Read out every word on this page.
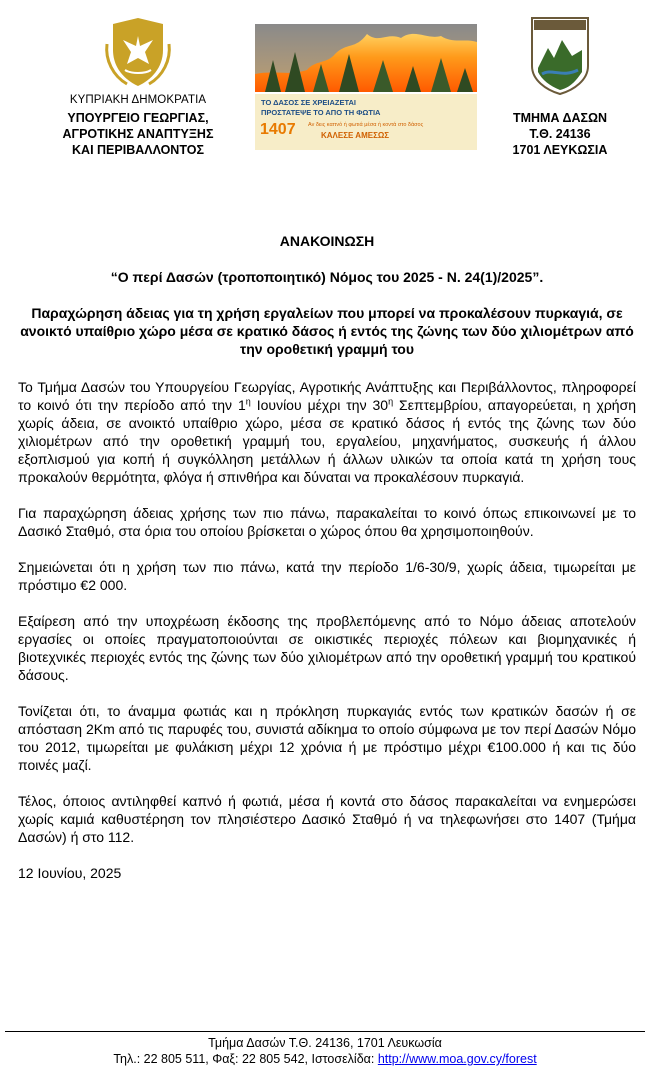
ΚΥΠΡΙΑΚΗ ΔΗΜΟΚΡΑΤΙΑ
ΥΠΟΥΡΓΕΙΟ ΓΕΩΡΓΙΑΣ,
ΑΓΡΟΤΙΚΗΣ ΑΝΑΠΤΥΞΗΣ
ΚΑΙ ΠΕΡΙΒΑΛΛΟΝΤΟΣ
ΤΟ ΔΑΣΟΣ ΣΕ ΧΡΕΙΑΖΕΤΑΙ
ΠΡΟΣΤΑΤΕΨΕ ΤΟ ΑΠΟ ΤΗ ΦΩΤΙΑ
1407 Αν δεις καπνό ή φωτιά μέσα ή κοντά στο δάσος
ΚΑΛΕΣΕ ΑΜΕΣΩΣ
ΤΜΗΜΑ ΔΑΣΩΝ
Τ.Θ. 24136
1701 ΛΕΥΚΩΣΙΑ

ΑΝΑΚΟΙΝΩΣΗ

“Ο περί Δασών (τροποποιητικό) Νόμος του 2025 - Ν. 24(1)/2025”.

Παραχώρηση άδειας για τη χρήση εργαλείων που μπορεί να προκαλέσουν πυρκαγιά, σε ανοικτό υπαίθριο χώρο μέσα σε κρατικό δάσος ή εντός της ζώνης των δύο χιλιομέτρων από την οροθετική γραμμή του

Το Τμήμα Δασών του Υπουργείου Γεωργίας, Αγροτικής Ανάπτυξης και Περιβάλλοντος, πληροφορεί το κοινό ότι την περίοδο από την $1^\eta$ Ιουνίου μέχρι την $30^\eta$ Σεπτεμβρίου, απαγορεύεται, η χρήση χωρίς άδεια, σε ανοικτό υπαίθριο χώρο, μέσα σε κρατικό δάσος ή εντός της ζώνης των δύο χιλιομέτρων από την οροθετική γραμμή του, εργαλείου, μηχανήματος, συσκευής ή άλλου εξοπλισμού για κοπή ή συγκόλληση μετάλλων ή άλλων υλικών τα οποία κατά τη χρήση τους προκαλούν θερμότητα, φλόγα ή σπινθήρα και δύναται να προκαλέσουν πυρκαγιά.

Για παραχώρηση άδειας χρήσης των πιο πάνω, παρακαλείται το κοινό όπως επικοινωνεί με το Δασικό Σταθμό, στα όρια του οποίου βρίσκεται ο χώρος όπου θα χρησιμοποιηθούν.

Σημειώνεται ότι η χρήση των πιο πάνω, κατά την περίοδο 1/6-30/9, χωρίς άδεια, τιμωρείται με πρόστιμο €2 000.

Εξαίρεση από την υποχρέωση έκδοσης της προβλεπόμενης από το Νόμο άδειας αποτελούν εργασίες οι οποίες πραγματοποιούνται σε οικιστικές περιοχές πόλεων και βιομηχανικές ή βιοτεχνικές περιοχές εντός της ζώνης των δύο χιλιομέτρων από την οροθετική γραμμή του κρατικού δάσους.

Τονίζεται ότι, το άναμμα φωτιάς και η πρόκληση πυρκαγιάς εντός των κρατικών δασών ή σε απόσταση 2Km από τις παρυφές του, συνιστά αδίκημα το οποίο σύμφωνα με τον περί Δασών Νόμο του 2012, τιμωρείται με φυλάκιση μέχρι 12 χρόνια ή με πρόστιμο μέχρι €100.000 ή και τις δύο ποινές μαζί.

Τέλος, όποιος αντιληφθεί καπνό ή φωτιά, μέσα ή κοντά στο δάσος παρακαλείται να ενημερώσει χωρίς καμιά καθυστέρηση τον πλησιέστερο Δασικό Σταθμό ή να τηλεφωνήσει στο 1407 (Τμήμα Δασών) ή στο 112.

12 Ιουνίου, 2025

Τμήμα Δασών Τ.Θ. 24136, 1701 Λευκωσία
Τηλ.: 22 805 511, Φαξ: 22 805 542, Ιστοσελίδα: http://www.moa.gov.cy/forest
